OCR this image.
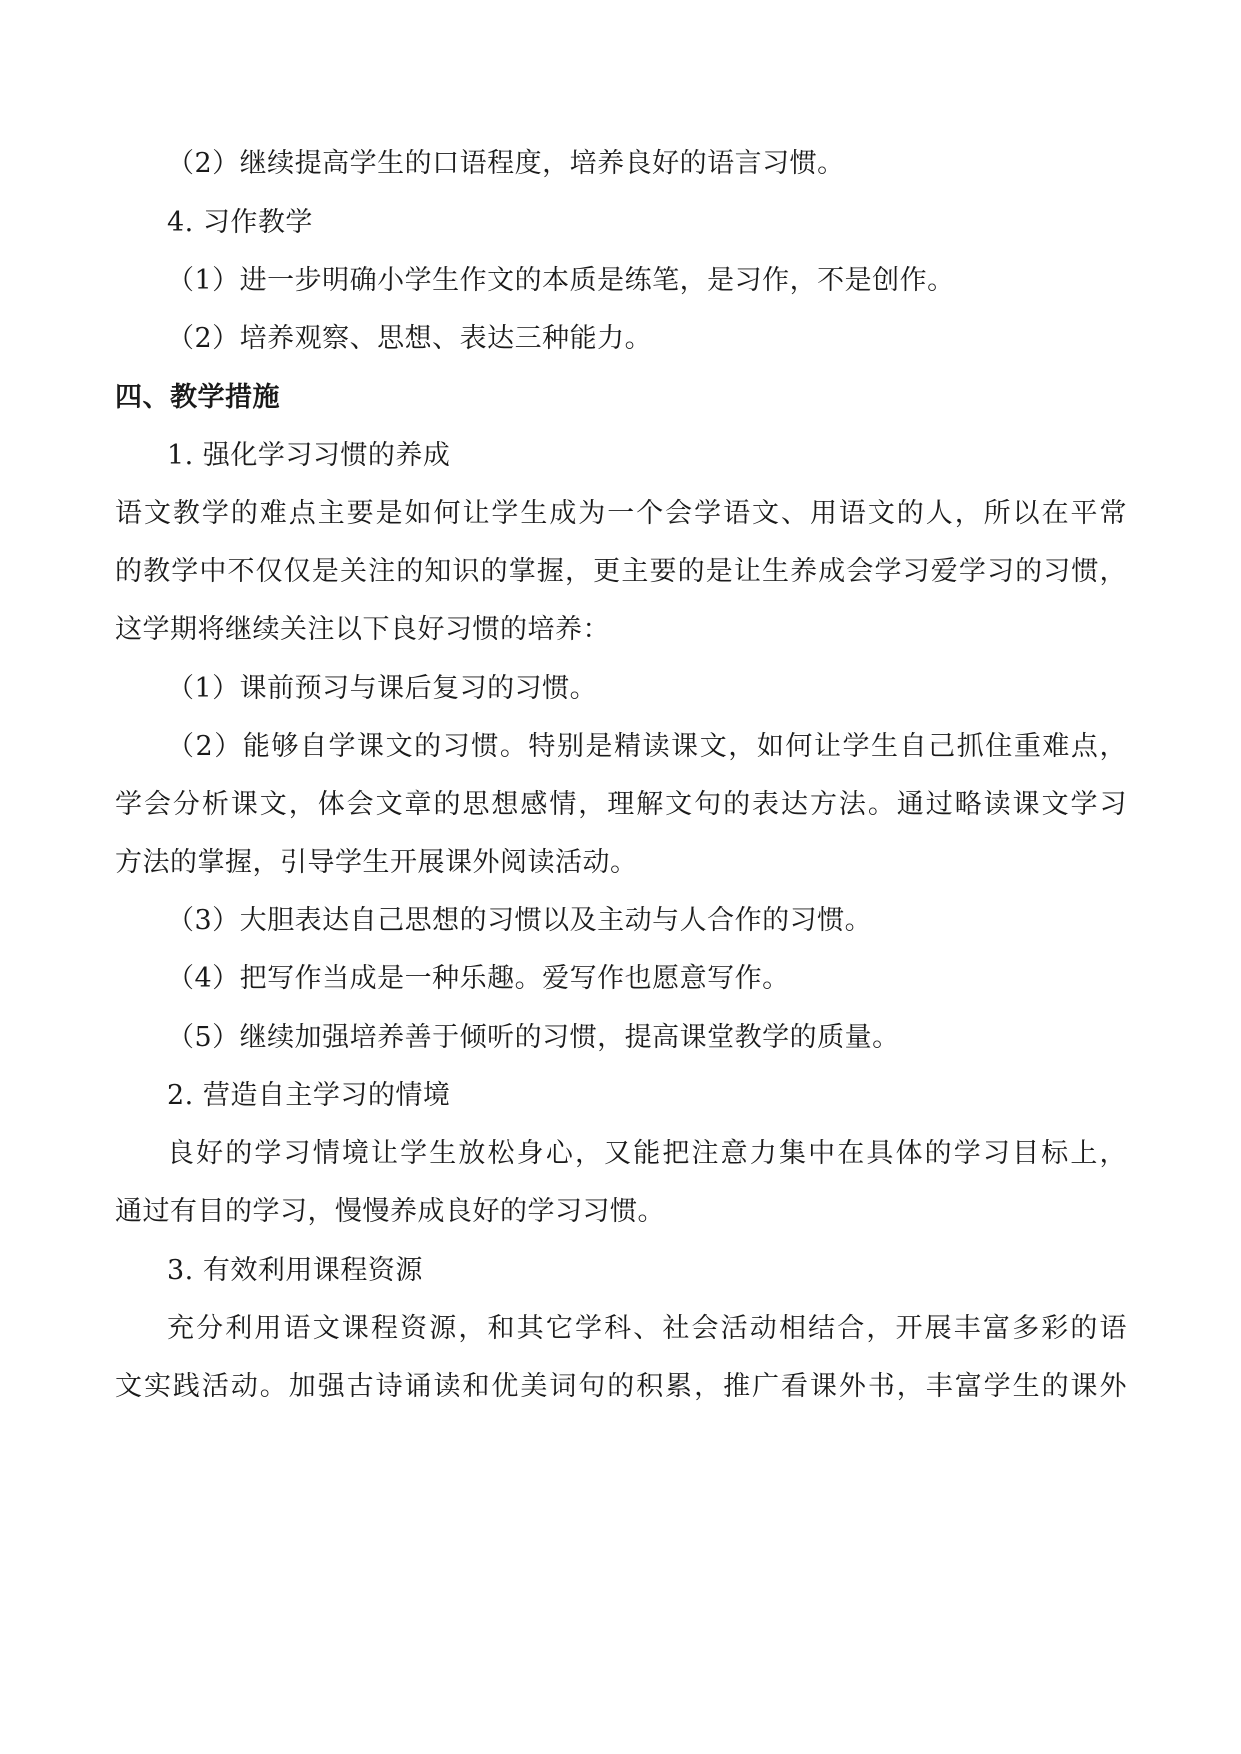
（2）继续提高学生的口语程度，培养良好的语言习惯。
4. 习作教学
（1）进一步明确小学生作文的本质是练笔，是习作，不是创作。
（2）培养观察、思想、表达三种能力。
四、教学措施
1. 强化学习习惯的养成
语文教学的难点主要是如何让学生成为一个会学语文、用语文的人，所以在平常
的教学中不仅仅是关注的知识的掌握，更主要的是让生养成会学习爱学习的习惯，
这学期将继续关注以下良好习惯的培养：
（1）课前预习与课后复习的习惯。
（2）能够自学课文的习惯。特别是精读课文，如何让学生自己抓住重难点，
学会分析课文，体会文章的思想感情，理解文句的表达方法。通过略读课文学习
方法的掌握，引导学生开展课外阅读活动。
（3）大胆表达自己思想的习惯以及主动与人合作的习惯。
（4）把写作当成是一种乐趣。爱写作也愿意写作。
（5）继续加强培养善于倾听的习惯，提高课堂教学的质量。
2. 营造自主学习的情境
良好的学习情境让学生放松身心，又能把注意力集中在具体的学习目标上，
通过有目的学习，慢慢养成良好的学习习惯。
3. 有效利用课程资源
充分利用语文课程资源，和其它学科、社会活动相结合，开展丰富多彩的语
文实践活动。加强古诗诵读和优美词句的积累，推广看课外书，丰富学生的课外
